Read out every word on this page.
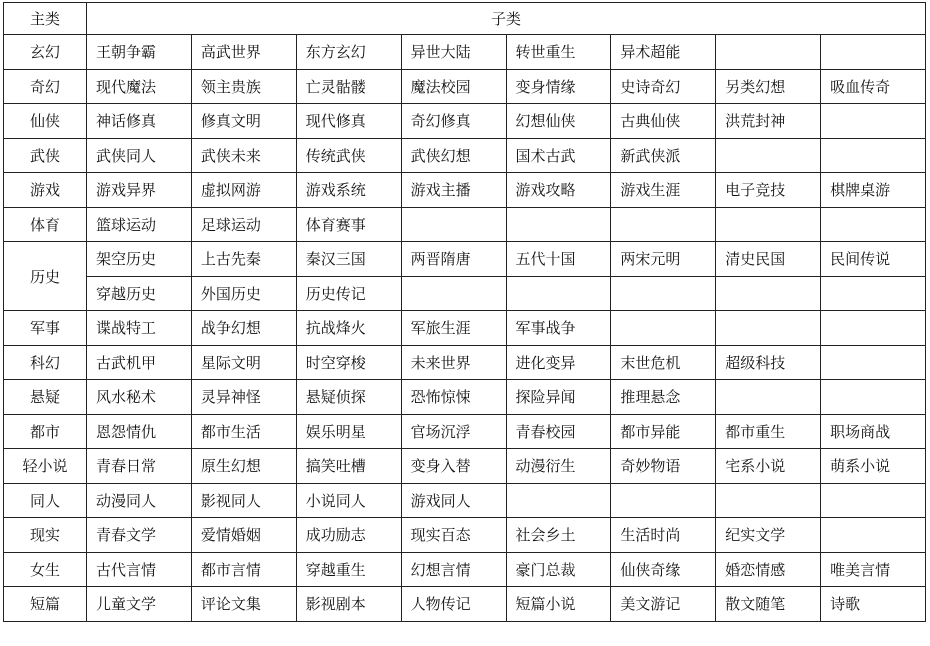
主类	子类							
玄幻	王朝争霸	高武世界	东方玄幻	异世大陆	转世重生	异术超能		
奇幻	现代魔法	领主贵族	亡灵骷髅	魔法校园	变身情缘	史诗奇幻	另类幻想	吸血传奇
仙侠	神话修真	修真文明	现代修真	奇幻修真	幻想仙侠	古典仙侠	洪荒封神	
武侠	武侠同人	武侠未来	传统武侠	武侠幻想	国术古武	新武侠派		
游戏	游戏异界	虚拟网游	游戏系统	游戏主播	游戏攻略	游戏生涯	电子竞技	棋牌桌游
体育	篮球运动	足球运动	体育赛事					
历史	架空历史	上古先秦	秦汉三国	两晋隋唐	五代十国	两宋元明	清史民国	民间传说
	穿越历史	外国历史	历史传记					
军事	谍战特工	战争幻想	抗战烽火	军旅生涯	军事战争			
科幻	古武机甲	星际文明	时空穿梭	未来世界	进化变异	末世危机	超级科技	
悬疑	风水秘术	灵异神怪	悬疑侦探	恐怖惊悚	探险异闻	推理悬念		
都市	恩怨情仇	都市生活	娱乐明星	官场沉浮	青春校园	都市异能	都市重生	职场商战
轻小说	青春日常	原生幻想	搞笑吐槽	变身入替	动漫衍生	奇妙物语	宅系小说	萌系小说
同人	动漫同人	影视同人	小说同人	游戏同人				
现实	青春文学	爱情婚姻	成功励志	现实百态	社会乡土	生活时尚	纪实文学	
女生	古代言情	都市言情	穿越重生	幻想言情	豪门总裁	仙侠奇缘	婚恋情感	唯美言情
短篇	儿童文学	评论文集	影视剧本	人物传记	短篇小说	美文游记	散文随笔	诗歌
